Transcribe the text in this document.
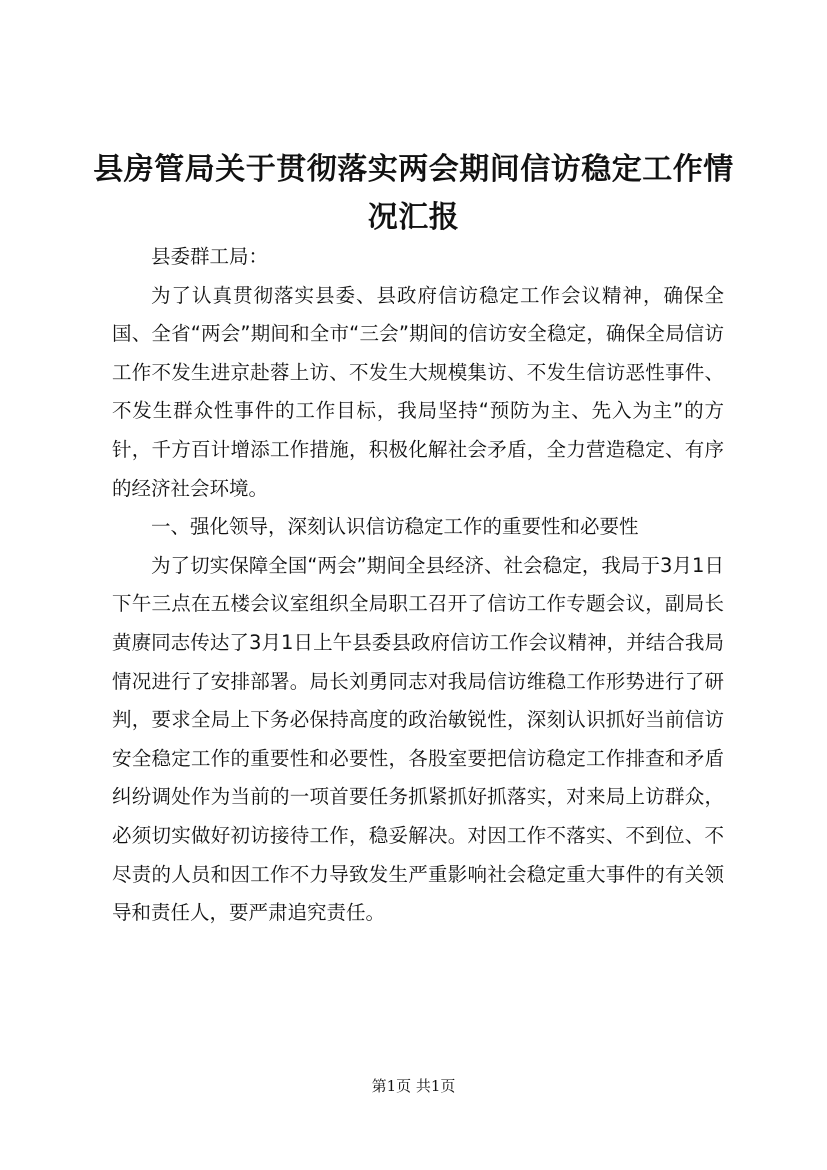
县房管局关于贯彻落实两会期间信访稳定工作情况汇报

县委群工局：

为了认真贯彻落实县委、县政府信访稳定工作会议精神，确保全国、全省“两会”期间和全市“三会”期间的信访安全稳定，确保全局信访工作不发生进京赴蓉上访、不发生大规模集访、不发生信访恶性事件、不发生群众性事件的工作目标，我局坚持“预防为主、先入为主”的方针，千方百计增添工作措施，积极化解社会矛盾，全力营造稳定、有序的经济社会环境。

一、强化领导，深刻认识信访稳定工作的重要性和必要性

为了切实保障全国“两会”期间全县经济、社会稳定，我局于3月1日下午三点在五楼会议室组织全局职工召开了信访工作专题会议，副局长黄赓同志传达了3月1日上午县委县政府信访工作会议精神，并结合我局情况进行了安排部署。局长刘勇同志对我局信访维稳工作形势进行了研判，要求全局上下务必保持高度的政治敏锐性，深刻认识抓好当前信访安全稳定工作的重要性和必要性，各股室要把信访稳定工作排查和矛盾纠纷调处作为当前的一项首要任务抓紧抓好抓落实，对来局上访群众，必须切实做好初访接待工作，稳妥解决。对因工作不落实、不到位、不尽责的人员和因工作不力导致发生严重影响社会稳定重大事件的有关领导和责任人，要严肃追究责任。

第1页 共1页
